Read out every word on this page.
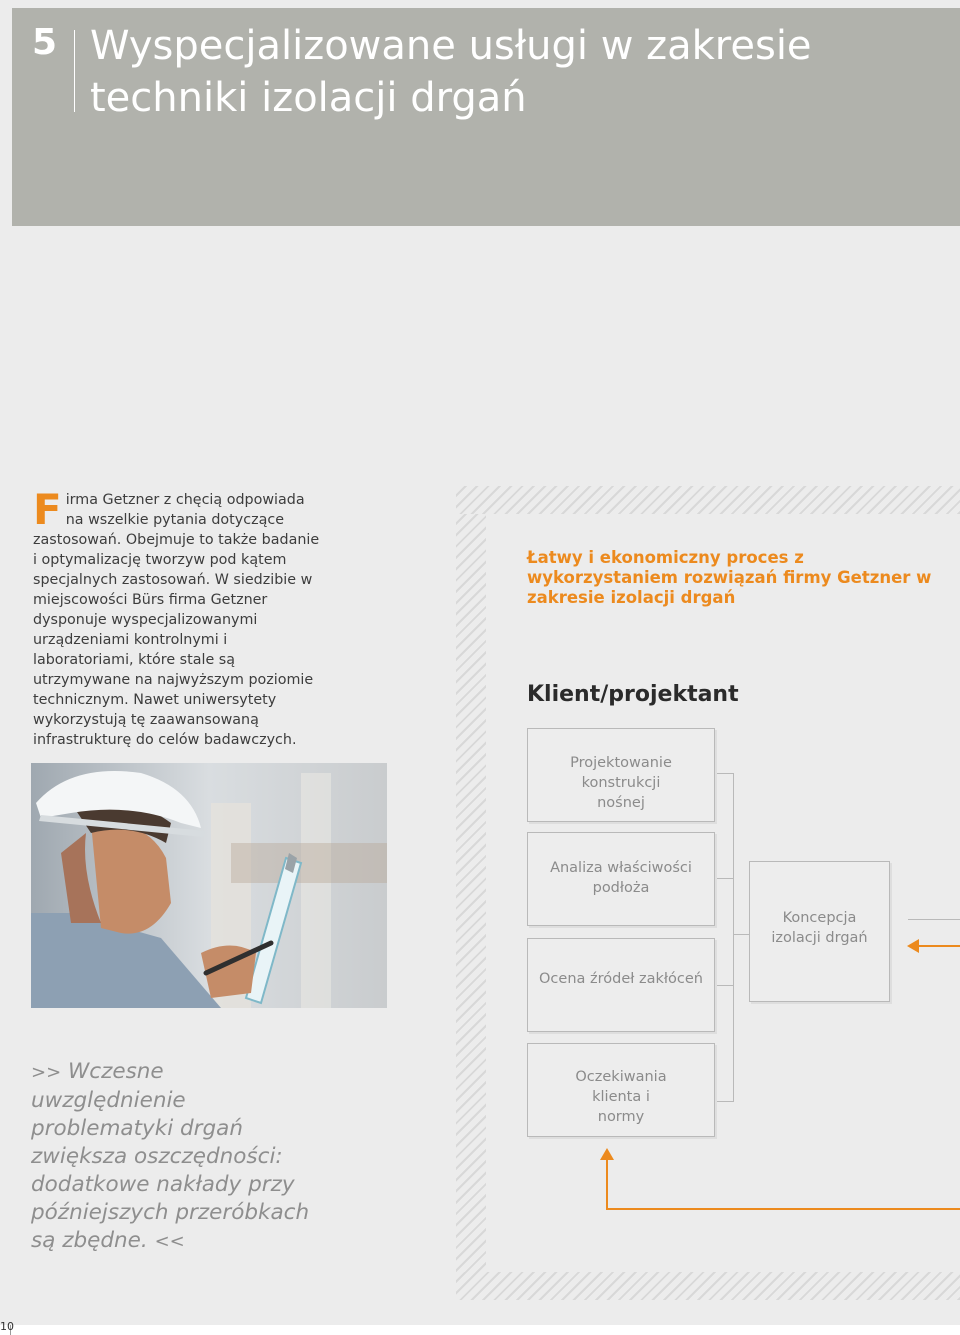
5 Wyspecjalizowane usługi w zakresie techniki izolacji drgań
F irma Getzner z chęcią odpowiada na wszelkie pytania dotyczące zastosowań. Obejmuje to także badanie i optymalizację tworzyw pod kątem specjalnych zastosowań. W siedzibie w miejscowości Bürs firma Getzner dysponuje wyspecjalizowanymi urządzeniami kontrolnymi i laboratoriami, które stale są utrzymywane na najwyższym poziomie technicznym. Nawet uniwersytety wykorzystują tę zaawansowaną infrastrukturę do celów badawczych.
>> Wczesne uwzględnienie problematyki drgań zwiększa oszczędności: dodatkowe nakłady przy późniejszych przeróbkach są zbędne. <<
Łatwy i ekonomiczny proces z wykorzystaniem rozwiązań firmy Getzner w zakresie izolacji drgań
Klient/projektant
Projektowanie konstrukcji nośnej
Analiza właściwości podłoża
Ocena źródeł zakłóceń
Oczekiwania klienta i normy
Koncepcja izolacji drgań
10
